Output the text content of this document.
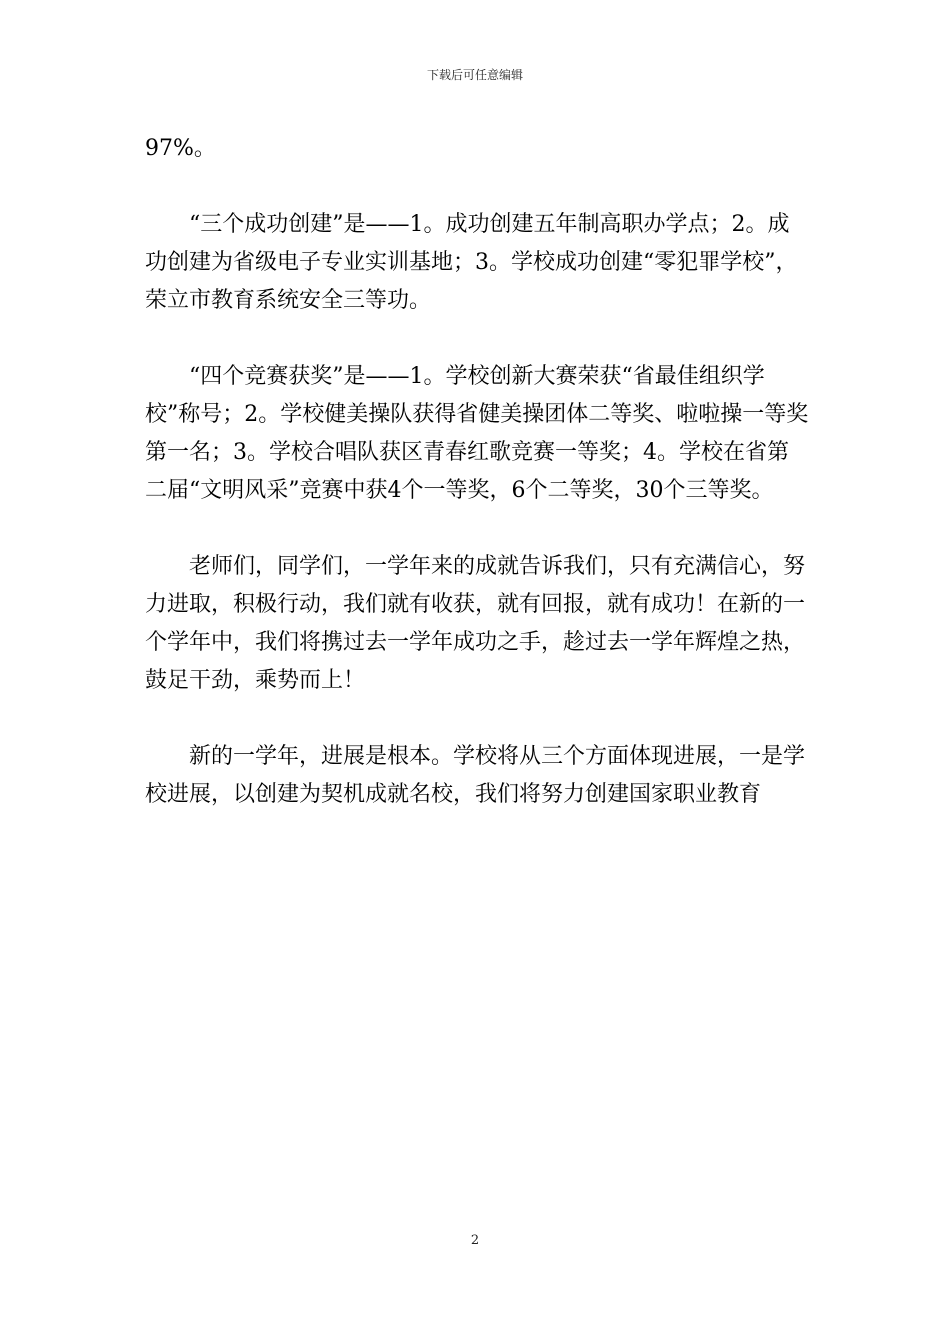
下载后可任意编辑

97%。

“三个成功创建”是——1。成功创建五年制高职办学点；2。成功创建为省级电子专业实训基地；3。学校成功创建“零犯罪学校”，荣立市教育系统安全三等功。

“四个竞赛获奖”是——1。学校创新大赛荣获“省最佳组织学校”称号；2。学校健美操队获得省健美操团体二等奖、啦啦操一等奖第一名；3。学校合唱队获区青春红歌竞赛一等奖；4。学校在省第二届“文明风采”竞赛中获4个一等奖，6个二等奖，30个三等奖。

老师们，同学们，一学年来的成就告诉我们，只有充满信心，努力进取，积极行动，我们就有收获，就有回报，就有成功！在新的一个学年中，我们将携过去一学年成功之手，趁过去一学年辉煌之热，鼓足干劲，乘势而上！

新的一学年，进展是根本。学校将从三个方面体现进展，一是学校进展，以创建为契机成就名校，我们将努力创建国家职业教育

2
